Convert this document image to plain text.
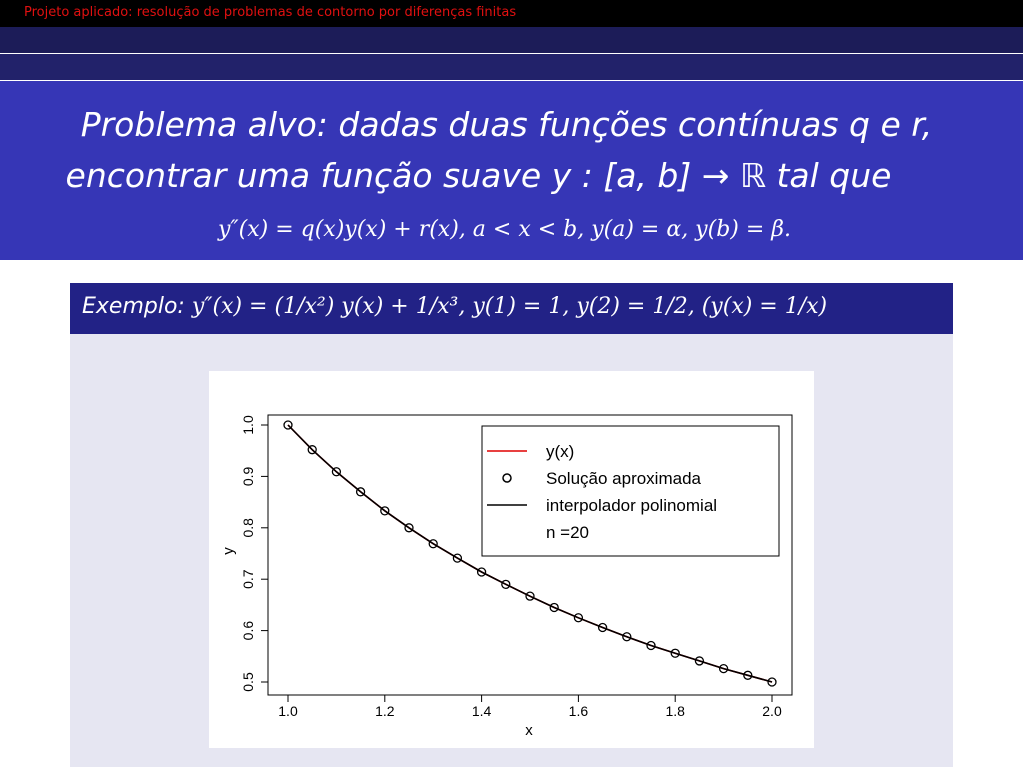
Projeto aplicado: resolução de problemas de contorno por diferenças finitas
Problema alvo: dadas duas funções contínuas q e r,
encontrar uma função suave y : [a, b] → ℝ tal que
y″(x) = q(x)y(x) + r(x), a < x < b, y(a) = α, y(b) = β.
Exemplo: y″(x) = (1/x²) y(x) + 1/x³, y(1) = 1, y(2) = 1/2, (y(x) = 1/x)
1.0	1.2	1.4	1.6	1.8	2.0
0.5
0.6
0.7
0.8
0.9
1.0
x
y
y(x)
Solução aproximada
interpolador polinomial
n =20
